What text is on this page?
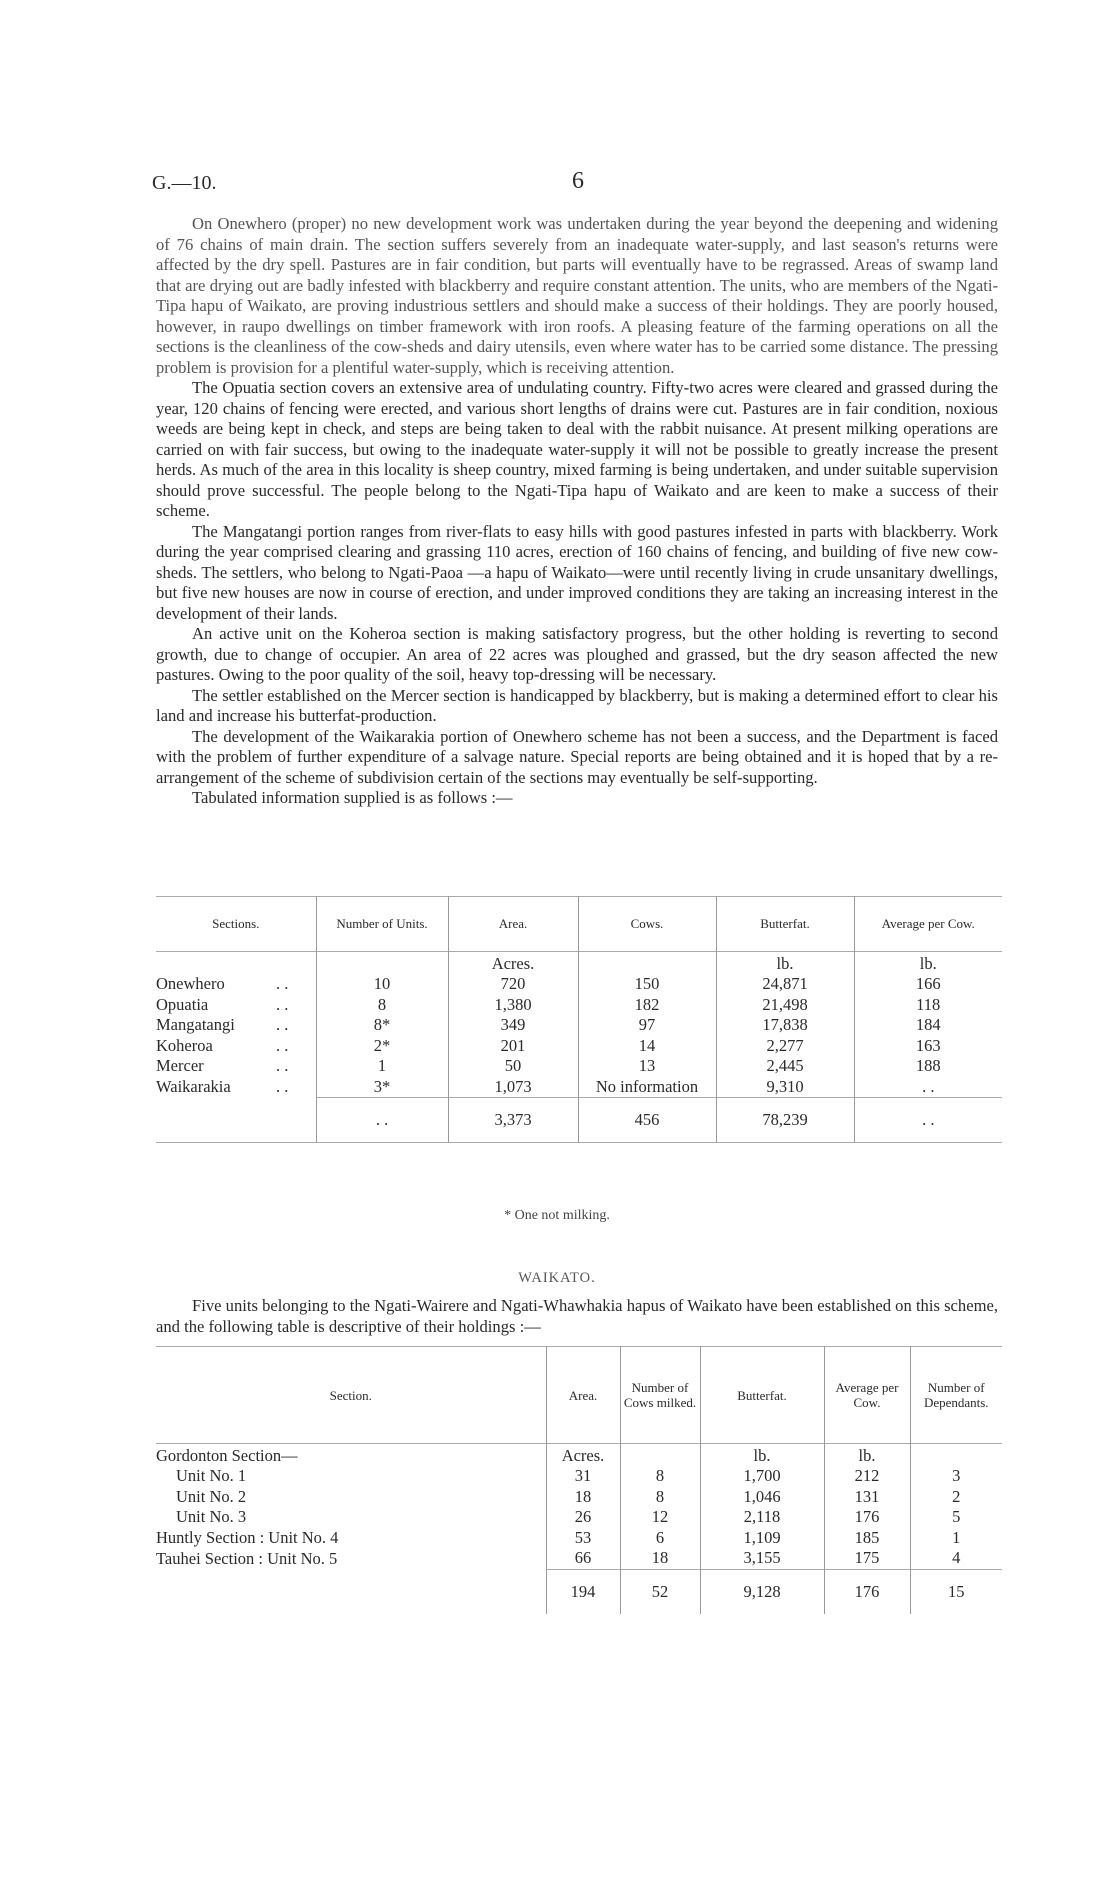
G.—10.	6

On Onewhero (proper) no new development work was undertaken during the year beyond the deepening and widening of 76 chains of main drain. The section suffers severely from an inadequate water-supply, and last season's returns were affected by the dry spell. Pastures are in fair condition, but parts will eventually have to be regrassed. Areas of swamp land that are drying out are badly infested with blackberry and require constant attention. The units, who are members of the Ngati-Tipa hapu of Waikato, are proving industrious settlers and should make a success of their holdings. They are poorly housed, however, in raupo dwellings on timber framework with iron roofs. A pleasing feature of the farming operations on all the sections is the cleanliness of the cow-sheds and dairy utensils, even where water has to be carried some distance. The pressing problem is provision for a plentiful water-supply, which is receiving attention.

The Opuatia section covers an extensive area of undulating country. Fifty-two acres were cleared and grassed during the year, 120 chains of fencing were erected, and various short lengths of drains were cut. Pastures are in fair condition, noxious weeds are being kept in check, and steps are being taken to deal with the rabbit nuisance. At present milking operations are carried on with fair success, but owing to the inadequate water-supply it will not be possible to greatly increase the present herds. As much of the area in this locality is sheep country, mixed farming is being undertaken, and under suitable supervision should prove successful. The people belong to the Ngati-Tipa hapu of Waikato and are keen to make a success of their scheme.

The Mangatangi portion ranges from river-flats to easy hills with good pastures infested in parts with blackberry. Work during the year comprised clearing and grassing 110 acres, erection of 160 chains of fencing, and building of five new cow-sheds. The settlers, who belong to Ngati-Paoa —a hapu of Waikato—were until recently living in crude unsanitary dwellings, but five new houses are now in course of erection, and under improved conditions they are taking an increasing interest in the development of their lands.

An active unit on the Koheroa section is making satisfactory progress, but the other holding is reverting to second growth, due to change of occupier. An area of 22 acres was ploughed and grassed, but the dry season affected the new pastures. Owing to the poor quality of the soil, heavy top-dressing will be necessary.

The settler established on the Mercer section is handicapped by blackberry, but is making a determined effort to clear his land and increase his butterfat-production.

The development of the Waikarakia portion of Onewhero scheme has not been a success, and the Department is faced with the problem of further expenditure of a salvage nature. Special reports are being obtained and it is hoped that by a re-arrangement of the scheme of subdivision certain of the sections may eventually be self-supporting.

Tabulated information supplied is as follows :—

Sections.		Number of Units.	Area.	Cows.	Butterfat.	Average per Cow.
			Acres.		lb.	lb.
Onewhero	. .	10	720	150	24,871	166
Opuatia	. .	8	1,380	182	21,498	118
Mangatangi	. .	8*	349	97	17,838	184
Koheroa	. .	2*	201	14	2,277	163
Mercer	. .	1	50	13	2,445	188
Waikarakia	. .	3*	1,073	No information	9,310	. .
		. .	3,373	456	78,239	. .
* One not milking.
WAIKATO.

Five units belonging to the Ngati-Wairere and Ngati-Whawhakia hapus of Waikato have been established on this scheme, and the following table is descriptive of their holdings :—

Section.	Area.	Number of Cows milked.	Butterfat.	Average per Cow.	Number of Dependants.
Gordonton Section—	Acres.		lb.	lb.	
Unit No. 1	31	8	1,700	212	3
Unit No. 2	18	8	1,046	131	2
Unit No. 3	26	12	2,118	176	5
Huntly Section : Unit No. 4	53	6	1,109	185	1
Tauhei Section : Unit No. 5	66	18	3,155	175	4
	194	52	9,128	176	15
